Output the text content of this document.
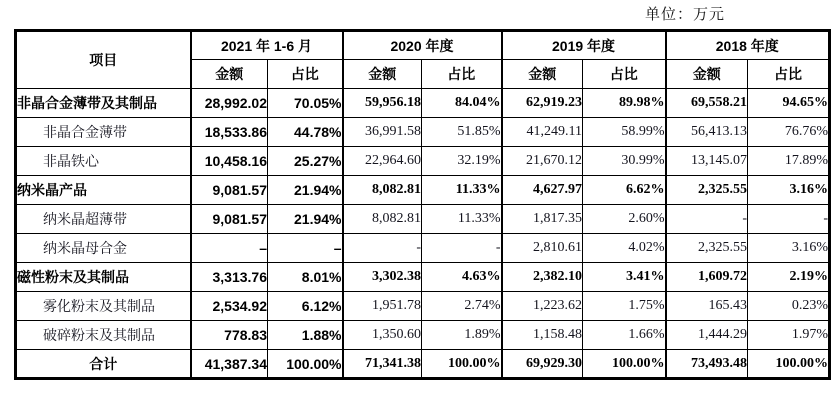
单位：万元
项目	2021 年 1-6 月		2020 年度		2019 年度		2018 年度	
	金额	占比	金额	占比	金额	占比	金额	占比
非晶合金薄带及其制品	28,992.02	70.05%	59,956.18	84.04%	62,919.23	89.98%	69,558.21	94.65%
非晶合金薄带	18,533.86	44.78%	36,991.58	51.85%	41,249.11	58.99%	56,413.13	76.76%
非晶铁心	10,458.16	25.27%	22,964.60	32.19%	21,670.12	30.99%	13,145.07	17.89%
纳米晶产品	9,081.57	21.94%	8,082.81	11.33%	4,627.97	6.62%	2,325.55	3.16%
纳米晶超薄带	9,081.57	21.94%	8,082.81	11.33%	1,817.35	2.60%	-	-
纳米晶母合金	–	–	-	-	2,810.61	4.02%	2,325.55	3.16%
磁性粉末及其制品	3,313.76	8.01%	3,302.38	4.63%	2,382.10	3.41%	1,609.72	2.19%
雾化粉末及其制品	2,534.92	6.12%	1,951.78	2.74%	1,223.62	1.75%	165.43	0.23%
破碎粉末及其制品	778.83	1.88%	1,350.60	1.89%	1,158.48	1.66%	1,444.29	1.97%
合计	41,387.34	100.00%	71,341.38	100.00%	69,929.30	100.00%	73,493.48	100.00%
